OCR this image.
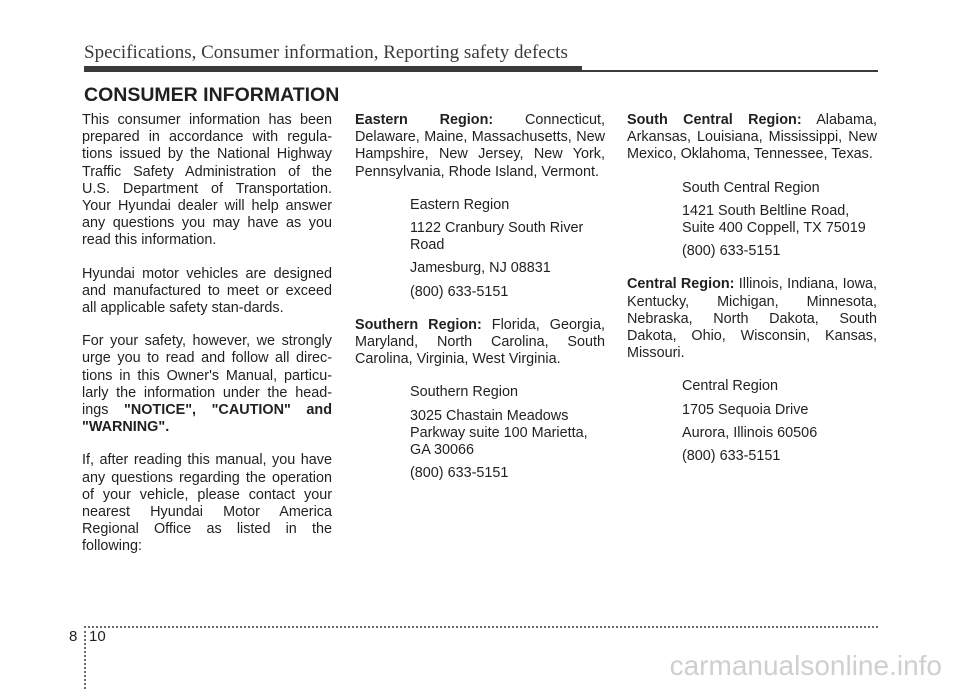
Specifications, Consumer information, Reporting safety defects
CONSUMER INFORMATION

This consumer information has been prepared in accordance with regula-tions issued by the National Highway Traffic Safety Administration of the U.S. Department of Transportation. Your Hyundai dealer will help answer any questions you may have as you read this information.

Hyundai motor vehicles are designed and manufactured to meet or exceed all applicable safety stan-dards.

For your safety, however, we strongly urge you to read and follow all direc-tions in this Owner's Manual, particu-larly the information under the head-ings "NOTICE", "CAUTION" and "WARNING".

If, after reading this manual, you have any questions regarding the operation of your vehicle, please contact your nearest Hyundai Motor America Regional Office as listed in the following:

Eastern Region: Connecticut, Delaware, Maine, Massachusetts, New Hampshire, New Jersey, New York, Pennsylvania, Rhode Island, Vermont.

Eastern Region
1122 Cranbury South River Road
Jamesburg, NJ 08831
(800) 633-5151

Southern Region: Florida, Georgia, Maryland, North Carolina, South Carolina, Virginia, West Virginia.

Southern Region
3025 Chastain Meadows Parkway suite 100 Marietta, GA 30066
(800) 633-5151

South Central Region: Alabama, Arkansas, Louisiana, Mississippi, New Mexico, Oklahoma, Tennessee, Texas.

South Central Region
1421 South Beltline Road, Suite 400 Coppell, TX 75019
(800) 633-5151

Central Region: Illinois, Indiana, Iowa, Kentucky, Michigan, Minnesota, Nebraska, North Dakota, South Dakota, Ohio, Wisconsin, Kansas, Missouri.

Central Region
1705 Sequoia Drive
Aurora, Illinois 60506
(800) 633-5151
8 10
carmanualsonline.info
